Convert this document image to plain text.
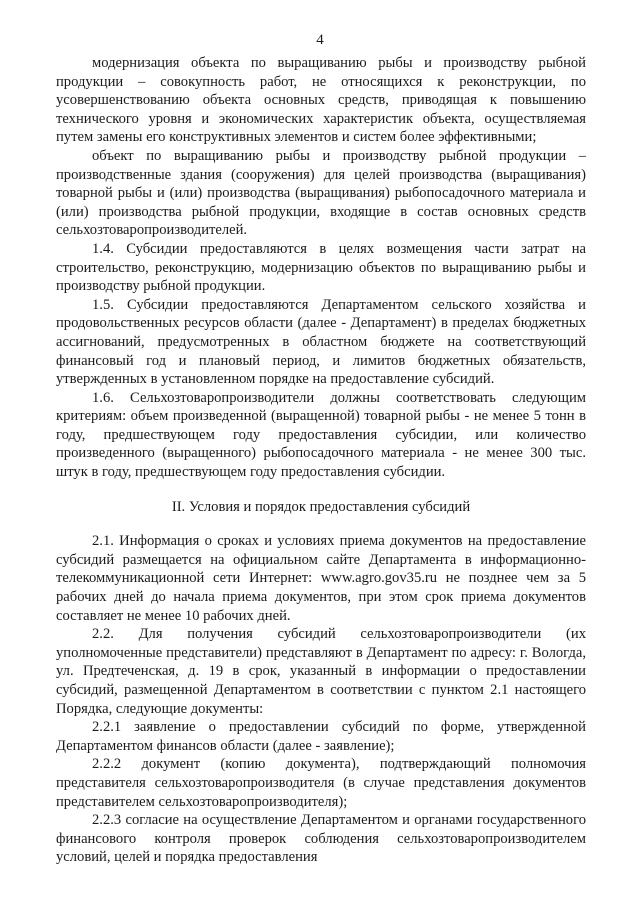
4

модернизация объекта по выращиванию рыбы и производству рыбной продукции – совокупность работ, не относящихся к реконструкции, по усовершенствованию объекта основных средств, приводящая к повышению технического уровня и экономических характеристик объекта, осуществляемая путем замены его конструктивных элементов и систем более эффективными;

объект по выращиванию рыбы и производству рыбной продукции – производственные здания (сооружения) для целей производства (выращивания) товарной рыбы и (или) производства (выращивания) рыбопосадочного материала и (или) производства рыбной продукции, входящие в состав основных средств сельхозтоваропроизводителей.

1.4. Субсидии предоставляются в целях возмещения части затрат на строительство, реконструкцию, модернизацию объектов по выращиванию рыбы и производству рыбной продукции.

1.5. Субсидии предоставляются Департаментом сельского хозяйства и продовольственных ресурсов области (далее - Департамент) в пределах бюджетных ассигнований, предусмотренных в областном бюджете на соответствующий финансовый год и плановый период, и лимитов бюджетных обязательств, утвержденных в установленном порядке на предоставление субсидий.

1.6. Сельхозтоваропроизводители должны соответствовать следующим критериям: объем произведенной (выращенной) товарной рыбы - не менее 5 тонн в году, предшествующем году предоставления субсидии, или количество произведенного (выращенного) рыбопосадочного материала - не менее 300 тыс. штук в году, предшествующем году предоставления субсидии.

II. Условия и порядок предоставления субсидий

2.1. Информация о сроках и условиях приема документов на предоставление субсидий размещается на официальном сайте Департамента в информационно-телекоммуникационной сети Интернет: www.agro.gov35.ru не позднее чем за 5 рабочих дней до начала приема документов, при этом срок приема документов составляет не менее 10 рабочих дней.

2.2. Для получения субсидий сельхозтоваропроизводители (их уполномоченные представители) представляют в Департамент по адресу: г. Вологда, ул. Предтеченская, д. 19 в срок, указанный в информации о предоставлении субсидий, размещенной Департаментом в соответствии с пунктом 2.1 настоящего Порядка, следующие документы:

2.2.1 заявление о предоставлении субсидий по форме, утвержденной Департаментом финансов области (далее - заявление);

2.2.2 документ (копию документа), подтверждающий полномочия представителя сельхозтоваропроизводителя (в случае представления документов представителем сельхозтоваропроизводителя);

2.2.3 согласие на осуществление Департаментом и органами государственного финансового контроля проверок соблюдения сельхозтоваропроизводителем условий, целей и порядка предоставления
